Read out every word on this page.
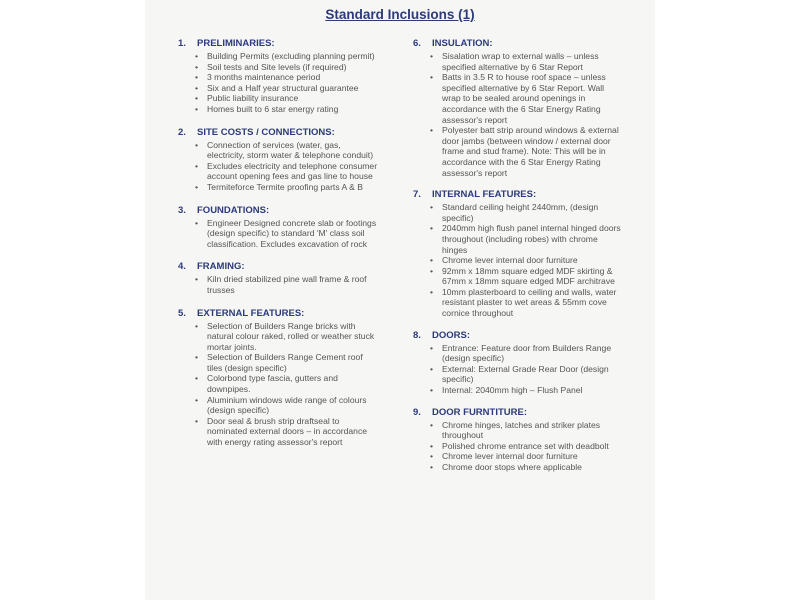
Standard Inclusions (1)
1.	PRELIMINARIES:
• Building Permits (excluding planning permit)
• Soil tests and Site levels (if required)
• 3 months maintenance period
• Six and a Half year structural guarantee
• Public liability insurance
• Homes built to 6 star energy rating
2.	SITE COSTS / CONNECTIONS:
• Connection of services (water, gas, electricity, storm water & telephone conduit)
• Excludes electricity and telephone consumer account opening fees and gas line to house
• Termiteforce Termite proofing parts A & B
3.	FOUNDATIONS:
• Engineer Designed concrete slab or footings (design specific) to standard 'M' class soil classification. Excludes excavation of rock
4.	FRAMING:
• Kiln dried stabilized pine wall frame & roof trusses
5.	EXTERNAL FEATURES:
• Selection of Builders Range bricks with natural colour raked, rolled or weather stuck mortar joints.
• Selection of Builders Range Cement roof tiles (design specific)
• Colorbond type fascia, gutters and downpipes.
• Aluminium windows wide range of colours (design specific)
• Door seal & brush strip draftseal to nominated external doors – in accordance with energy rating assessor's report
6.	INSULATION:
• Sisalation wrap to external walls – unless specified alternative by 6 Star Report
• Batts in 3.5 R to house roof space – unless specified alternative by 6 Star Report. Wall wrap to be sealed around openings in accordance with the 6 Star Energy Rating assessor's report
• Polyester batt strip around windows & external door jambs (between window / external door frame and stud frame). Note: This will be in accordance with the 6 Star Energy Rating assessor's report
7.	INTERNAL FEATURES:
• Standard ceiling height 2440mm, (design specific)
• 2040mm high flush panel internal hinged doors throughout (including robes) with chrome hinges
• Chrome lever internal door furniture
• 92mm x 18mm square edged MDF skirting & 67mm x 18mm square edged MDF architrave
• 10mm plasterboard to ceiling and walls, water resistant plaster to wet areas & 55mm cove cornice throughout
8.	DOORS:
• Entrance: Feature door from Builders Range (design specific)
• External: External Grade Rear Door (design specific)
• Internal: 2040mm high – Flush Panel
9.	DOOR FURNTITURE:
• Chrome hinges, latches and striker plates throughout
• Polished chrome entrance set with deadbolt
• Chrome lever internal door furniture
• Chrome door stops where applicable
